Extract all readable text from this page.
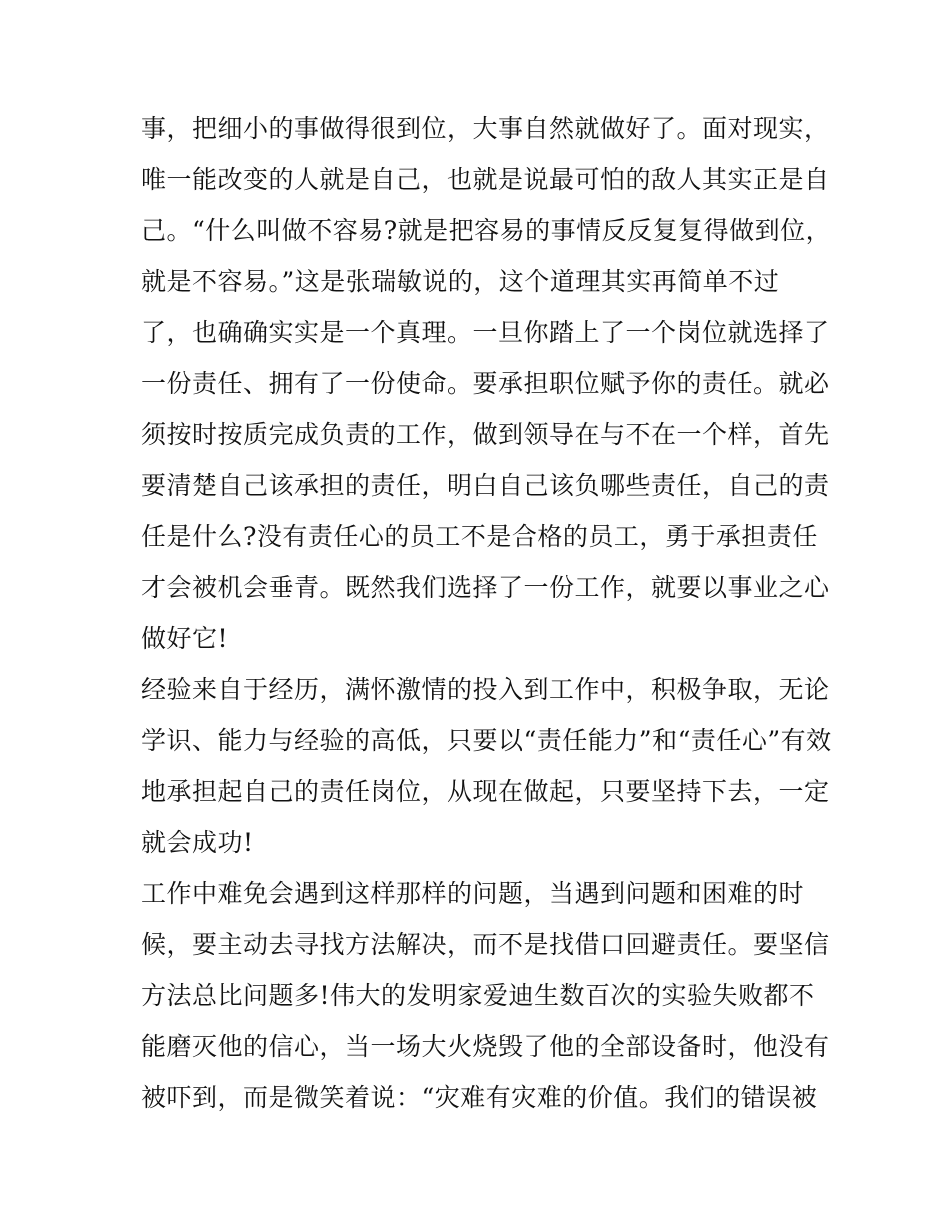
事，把细小的事做得很到位，大事自然就做好了。面对现实，
唯一能改变的人就是自己，也就是说最可怕的敌人其实正是自
己。“什么叫做不容易?就是把容易的事情反反复复得做到位，
就是不容易。”这是张瑞敏说的，这个道理其实再简单不过
了，也确确实实是一个真理。一旦你踏上了一个岗位就选择了
一份责任、拥有了一份使命。要承担职位赋予你的责任。就必
须按时按质完成负责的工作，做到领导在与不在一个样，首先
要清楚自己该承担的责任，明白自己该负哪些责任，自己的责
任是什么?没有责任心的员工不是合格的员工，勇于承担责任
才会被机会垂青。既然我们选择了一份工作，就要以事业之心
做好它!
经验来自于经历，满怀激情的投入到工作中，积极争取，无论
学识、能力与经验的高低，只要以“责任能力”和“责任心”有效
地承担起自己的责任岗位，从现在做起，只要坚持下去，一定
就会成功!
工作中难免会遇到这样那样的问题，当遇到问题和困难的时
候，要主动去寻找方法解决，而不是找借口回避责任。要坚信
方法总比问题多!伟大的发明家爱迪生数百次的实验失败都不
能磨灭他的信心，当一场大火烧毁了他的全部设备时，他没有
被吓到，而是微笑着说：“灾难有灾难的价值。我们的错误被
